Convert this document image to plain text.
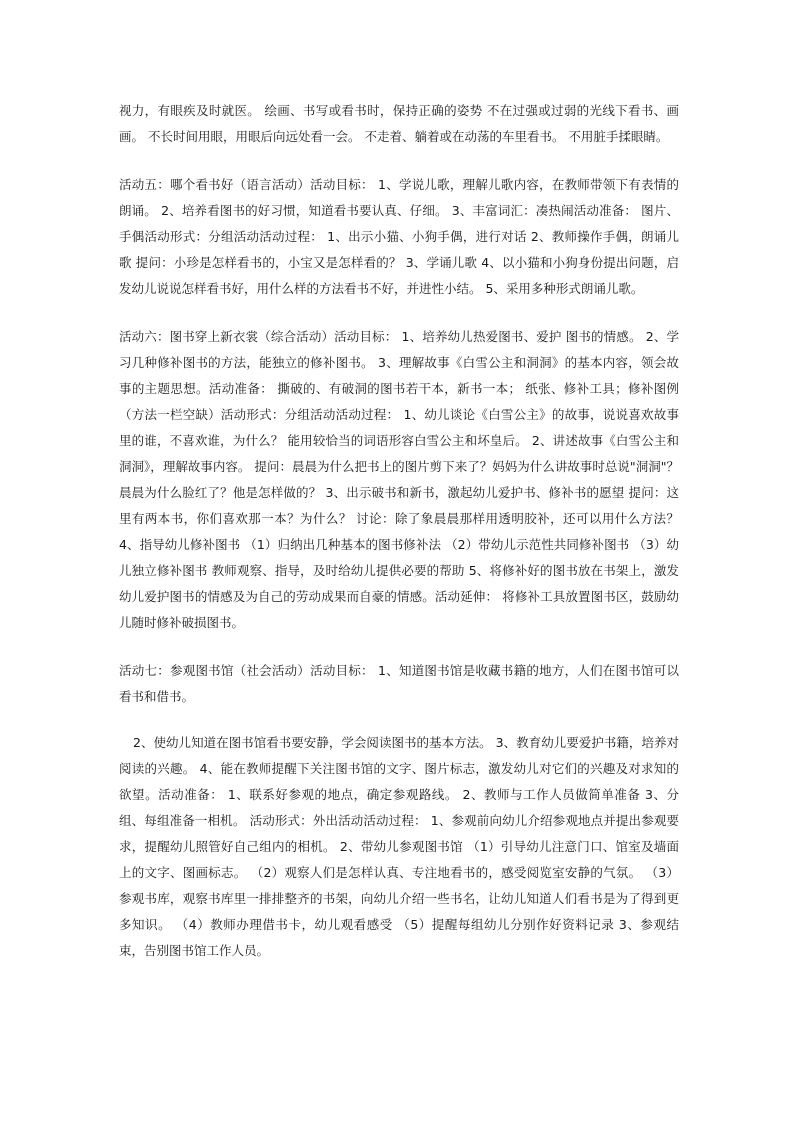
视力，有眼疾及时就医。 绘画、书写或看书时，保持正确的姿势 不在过强或过弱的光线下看书、画画。 不长时间用眼，用眼后向远处看一会。 不走着、躺着或在动荡的车里看书。 不用脏手揉眼睛。

活动五：哪个看书好（语言活动）活动目标： 1、学说儿歌，理解儿歌内容，在教师带领下有表情的朗诵。 2、培养看图书的好习惯，知道看书要认真、仔细。 3、丰富词汇：凑热闹活动准备： 图片、手偶活动形式：分组活动活动过程： 1、出示小猫、小狗手偶，进行对话 2、教师操作手偶，朗诵儿歌 提问：小珍是怎样看书的，小宝又是怎样看的？ 3、学诵儿歌 4、以小猫和小狗身份提出问题，启发幼儿说说怎样看书好，用什么样的方法看书不好，并进性小结。 5、采用多种形式朗诵儿歌。

活动六：图书穿上新衣裳（综合活动）活动目标： 1、培养幼儿热爱图书、爱护 图书的情感。 2、学习几种修补图书的方法，能独立的修补图书。 3、理解故事《白雪公主和洞洞》的基本内容，领会故事的主题思想。活动准备： 撕破的、有破洞的图书若干本，新书一本； 纸张、修补工具；修补图例（方法一栏空缺）活动形式：分组活动活动过程： 1、幼儿谈论《白雪公主》的故事，说说喜欢故事里的谁，不喜欢谁，为什么？ 能用较恰当的词语形容白雪公主和坏皇后。 2、讲述故事《白雪公主和洞洞》，理解故事内容。 提问：晨晨为什么把书上的图片剪下来了？妈妈为什么讲故事时总说"洞洞"？晨晨为什么脸红了？他是怎样做的？ 3、出示破书和新书，激起幼儿爱护书、修补书的愿望 提问：这里有两本书，你们喜欢那一本？为什么？ 讨论：除了象晨晨那样用透明胶补，还可以用什么方法？ 4、指导幼儿修补图书 （1）归纳出几种基本的图书修补法 （2）带幼儿示范性共同修补图书 （3）幼儿独立修补图书 教师观察、指导，及时给幼儿提供必要的帮助 5、将修补好的图书放在书架上，激发幼儿爱护图书的情感及为自己的劳动成果而自豪的情感。活动延伸： 将修补工具放置图书区，鼓励幼儿随时修补破损图书。

活动七：参观图书馆（社会活动）活动目标： 1、知道图书馆是收藏书籍的地方，人们在图书馆可以看书和借书。

2、使幼儿知道在图书馆看书要安静，学会阅读图书的基本方法。 3、教育幼儿要爱护书籍，培养对阅读的兴趣。 4、能在教师提醒下关注图书馆的文字、图片标志，激发幼儿对它们的兴趣及对求知的欲望。活动准备： 1、联系好参观的地点，确定参观路线。 2、教师与工作人员做简单准备 3、分组、每组准备一相机。 活动形式：外出活动活动过程： 1、参观前向幼儿介绍参观地点并提出参观要求，提醒幼儿照管好自己组内的相机。 2、带幼儿参观图书馆 （1）引导幼儿注意门口、馆室及墙面上的文字、图画标志。 （2）观察人们是怎样认真、专注地看书的，感受阅览室安静的气氛。 （3）参观书库，观察书库里一排排整齐的书架，向幼儿介绍一些书名，让幼儿知道人们看书是为了得到更多知识。 （4）教师办理借书卡，幼儿观看感受 （5）提醒每组幼儿分别作好资料记录 3、参观结束，告别图书馆工作人员。
